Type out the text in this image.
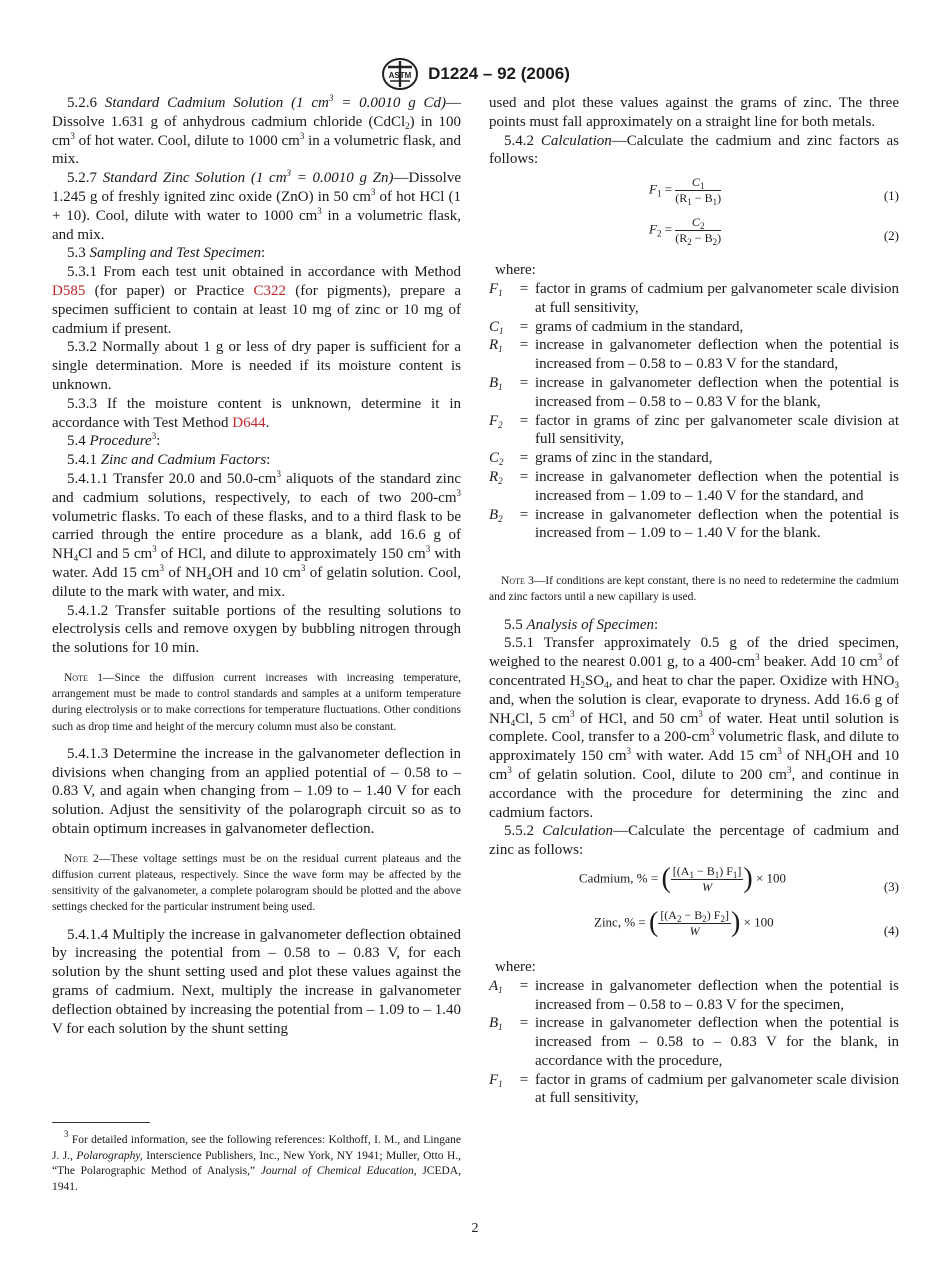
ASTM D1224 – 92 (2006)

5.2.6 Standard Cadmium Solution (1 $cm^3 = 0.0010$ g Cd)—Dissolve 1.631 g of anhydrous cadmium chloride (CdCl$_2$) in 100 $cm^3$ of hot water. Cool, dilute to 1000 $cm^3$ in a volumetric flask, and mix.

5.2.7 Standard Zinc Solution (1 $cm^3 = 0.0010$ g Zn)—Dissolve 1.245 g of freshly ignited zinc oxide (ZnO) in 50 $cm^3$ of hot HCl (1 + 10). Cool, dilute with water to 1000 $cm^3$ in a volumetric flask, and mix.

5.3 Sampling and Test Specimen:

5.3.1 From each test unit obtained in accordance with Method D585 (for paper) or Practice C322 (for pigments), prepare a specimen sufficient to contain at least 10 mg of zinc or 10 mg of cadmium if present.

5.3.2 Normally about 1 g or less of dry paper is sufficient for a single determination. More is needed if its moisture content is unknown.

5.3.3 If the moisture content is unknown, determine it in accordance with Test Method D644.

5.4 Procedure$^3$:

5.4.1 Zinc and Cadmium Factors:

5.4.1.1 Transfer 20.0 and $50.0-cm^3$ aliquots of the standard zinc and cadmium solutions, respectively, to each of two $200-cm^3$ volumetric flasks. To each of these flasks, and to a third flask to be carried through the entire procedure as a blank, add 16.6 g of $NH_4Cl$ and 5 $cm^3$ of HCl, and dilute to approximately 150 $cm^3$ with water. Add 15 $cm^3$ of $NH_4OH$ and 10 $cm^3$ of gelatin solution. Cool, dilute to the mark with water, and mix.

5.4.1.2 Transfer suitable portions of the resulting solutions to electrolysis cells and remove oxygen by bubbling nitrogen through the solutions for 10 min.

Note 1—Since the diffusion current increases with increasing temperature, arrangement must be made to control standards and samples at a uniform temperature during electrolysis or to make corrections for temperature fluctuations. Other conditions such as drop time and height of the mercury column must also be constant.

5.4.1.3 Determine the increase in the galvanometer deflection in divisions when changing from an applied potential of – 0.58 to – 0.83 V, and again when changing from – 1.09 to – 1.40 V for each solution. Adjust the sensitivity of the polarograph circuit so as to obtain optimum increases in galvanometer deflection.

Note 2—These voltage settings must be on the residual current plateaus and the diffusion current plateaus, respectively. Since the wave form may be affected by the sensitivity of the galvanometer, a complete polarogram should be plotted and the above settings checked for the particular instrument being used.

5.4.1.4 Multiply the increase in galvanometer deflection obtained by increasing the potential from – 0.58 to – 0.83 V, for each solution by the shunt setting used and plot these values against the grams of cadmium. Next, multiply the increase in galvanometer deflection obtained by increasing the potential from – 1.09 to – 1.40 V for each solution by the shunt setting

used and plot these values against the grams of zinc. The three points must fall approximately on a straight line for both metals.

5.4.2 Calculation—Calculate the cadmium and zinc factors as follows:

$F_1 = \frac{C_1}{(R_1 - B_1)}$	(1)
$F_2 = \frac{C_2}{(R_2 - B_2)}$	(2)

where:

$F_1$	=	factor in grams of cadmium per galvanometer scale division at full sensitivity,
$C_1$	=	grams of cadmium in the standard,
$R_1$	=	increase in galvanometer deflection when the potential is increased from – 0.58 to – 0.83 V for the standard,
$B_1$	=	increase in galvanometer deflection when the potential is increased from – 0.58 to – 0.83 V for the blank,
$F_2$	=	factor in grams of zinc per galvanometer scale division at full sensitivity,
$C_2$	=	grams of zinc in the standard,
$R_2$	=	increase in galvanometer deflection when the potential is increased from – 1.09 to – 1.40 V for the standard, and
$B_2$	=	increase in galvanometer deflection when the potential is increased from – 1.09 to – 1.40 V for the blank.

Note 3—If conditions are kept constant, there is no need to redetermine the cadmium and zinc factors until a new capillary is used.

5.5 Analysis of Specimen:

5.5.1 Transfer approximately 0.5 g of the dried specimen, weighed to the nearest 0.001 g, to a $400-cm^3$ beaker. Add 10 $cm^3$ of concentrated $H_2SO_4$, and heat to char the paper. Oxidize with $HNO_3$ and, when the solution is clear, evaporate to dryness. Add 16.6 g of $NH_4Cl$, 5 $cm^3$ of HCl, and 50 $cm^3$ of water. Heat until solution is complete. Cool, transfer to a $200-cm^3$ volumetric flask, and dilute to approximately 150 $cm^3$ with water. Add 15 $cm^3$ of $NH_4OH$ and 10 $cm^3$ of gelatin solution. Cool, dilute to 200 $cm^3$, and continue in accordance with the procedure for determining the zinc and cadmium factors.

5.5.2 Calculation—Calculate the percentage of cadmium and zinc as follows:

Cadmium, % = ( $\frac{[(A_1 - B_1) F_1]}{W}$ ) × 100
(3)
Zinc, % = ( $\frac{[(A_2 - B_2) F_2]}{W}$ ) × 100
(4)

where:

$A_1$	=	increase in galvanometer deflection when the potential is increased from – 0.58 to – 0.83 V for the specimen,
$B_1$	=	increase in galvanometer deflection when the potential is increased from – 0.58 to – 0.83 V for the blank, in accordance with the procedure,
$F_1$	=	factor in grams of cadmium per galvanometer scale division at full sensitivity,

$^3$ For detailed information, see the following references: Kolthoff, I. M., and Lingane J. J., Polarography, Interscience Publishers, Inc., New York, NY 1941; Muller, Otto H., “The Polarographic Method of Analysis,” Journal of Chemical Education, JCEDA, 1941.

2
